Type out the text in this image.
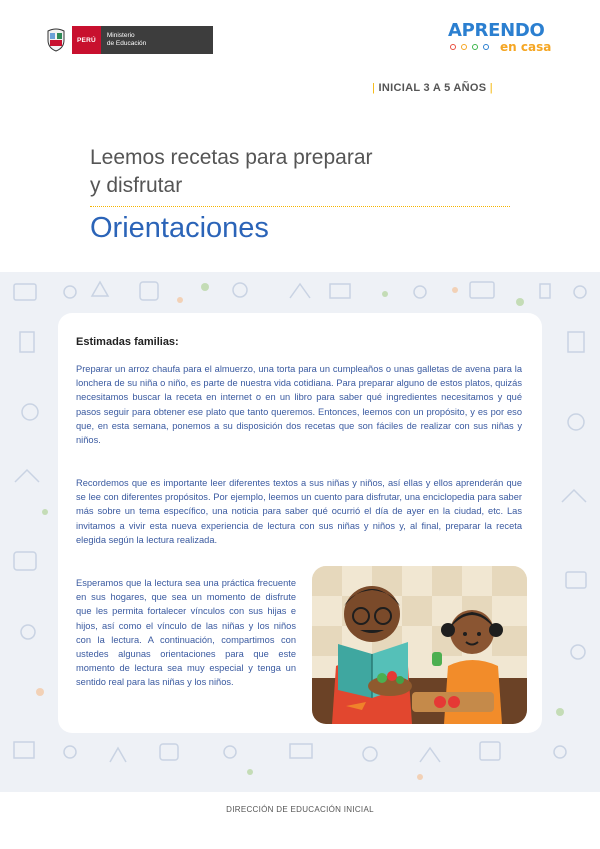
PERÚ
Ministerio
de Educación
APRENDO
en casa
| INICIAL 3 A 5 AÑOS |
Leemos recetas para preparar
y disfrutar
Orientaciones

Estimadas familias:

Preparar un arroz chaufa para el almuerzo, una torta para un cumpleaños o unas galletas de avena para la lonchera de su niña o niño, es parte de nuestra vida cotidiana. Para preparar alguno de estos platos, quizás necesitamos buscar la receta en internet o en un libro para saber qué ingredientes necesitamos y qué pasos seguir para obtener ese plato que tanto queremos. Entonces, leemos con un propósito, y es por eso que, en esta semana, ponemos a su disposición dos recetas que son fáciles de realizar con sus niñas y niños.

Recordemos que es importante leer diferentes textos a sus niñas y niños, así ellas y ellos aprenderán que se lee con diferentes propósitos. Por ejemplo, leemos un cuento para disfrutar, una enciclopedia para saber más sobre un tema específico, una noticia para saber qué ocurrió el día de ayer en la ciudad, etc. Las invitamos a vivir esta nueva experiencia de lectura con sus niñas y niños y, al final, preparar la receta elegida según la lectura realizada.

Esperamos que la lectura sea una práctica frecuente en sus hogares, que sea un momento de disfrute que les permita fortalecer vínculos con sus hijas e hijos, así como el vínculo de las niñas y los niños con la lectura. A continuación, compartimos con ustedes algunas orientaciones para que este momento de lectura sea muy especial y tenga un sentido real para las niñas y los niños.

DIRECCIÓN DE EDUCACIÓN INICIAL
